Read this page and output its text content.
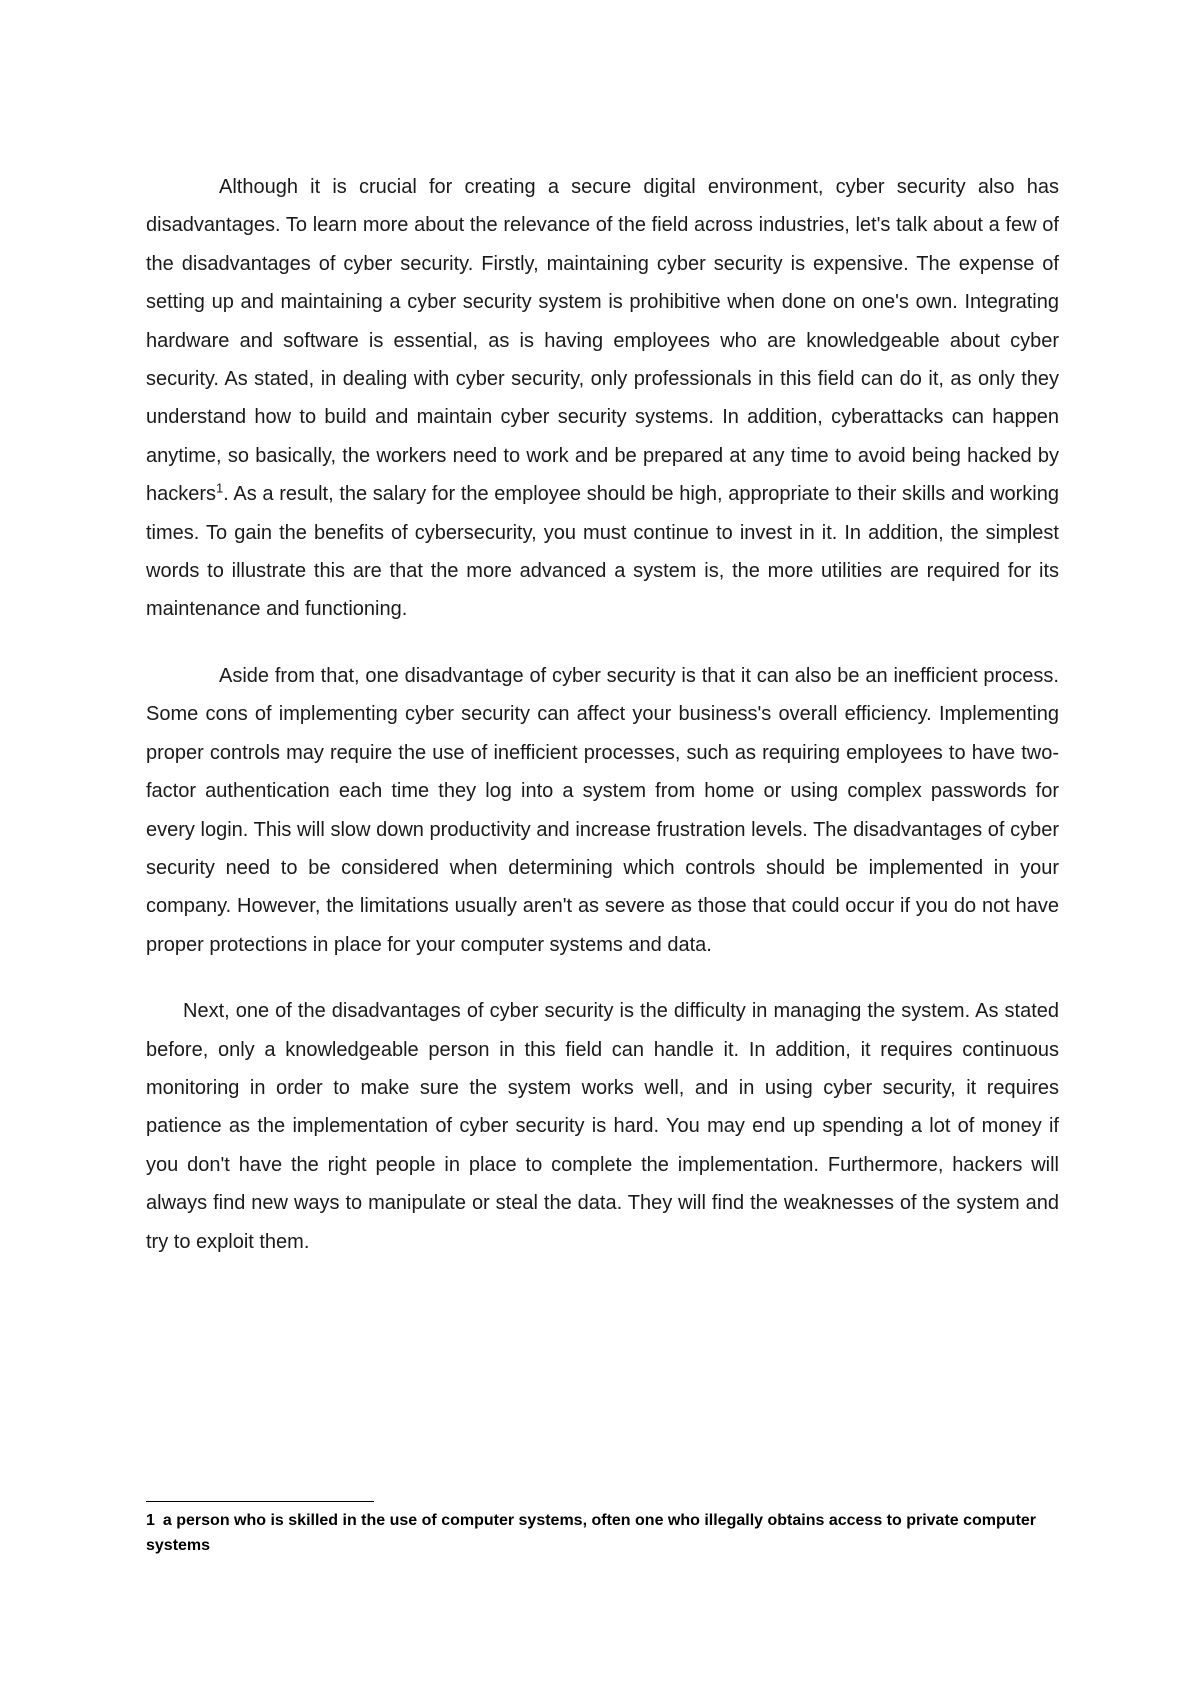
Although it is crucial for creating a secure digital environment, cyber security also has disadvantages. To learn more about the relevance of the field across industries, let's talk about a few of the disadvantages of cyber security. Firstly, maintaining cyber security is expensive. The expense of setting up and maintaining a cyber security system is prohibitive when done on one's own. Integrating hardware and software is essential, as is having employees who are knowledgeable about cyber security. As stated, in dealing with cyber security, only professionals in this field can do it, as only they understand how to build and maintain cyber security systems. In addition, cyberattacks can happen anytime, so basically, the workers need to work and be prepared at any time to avoid being hacked by hackers$^1$. As a result, the salary for the employee should be high, appropriate to their skills and working times. To gain the benefits of cybersecurity, you must continue to invest in it. In addition, the simplest words to illustrate this are that the more advanced a system is, the more utilities are required for its maintenance and functioning.

Aside from that, one disadvantage of cyber security is that it can also be an inefficient process. Some cons of implementing cyber security can affect your business's overall efficiency. Implementing proper controls may require the use of inefficient processes, such as requiring employees to have two-factor authentication each time they log into a system from home or using complex passwords for every login. This will slow down productivity and increase frustration levels. The disadvantages of cyber security need to be considered when determining which controls should be implemented in your company. However, the limitations usually aren't as severe as those that could occur if you do not have proper protections in place for your computer systems and data.

Next, one of the disadvantages of cyber security is the difficulty in managing the system. As stated before, only a knowledgeable person in this field can handle it. In addition, it requires continuous monitoring in order to make sure the system works well, and in using cyber security, it requires patience as the implementation of cyber security is hard. You may end up spending a lot of money if you don't have the right people in place to complete the implementation. Furthermore, hackers will always find new ways to manipulate or steal the data. They will find the weaknesses of the system and try to exploit them.

1 a person who is skilled in the use of computer systems, often one who illegally obtains access to private computer systems
